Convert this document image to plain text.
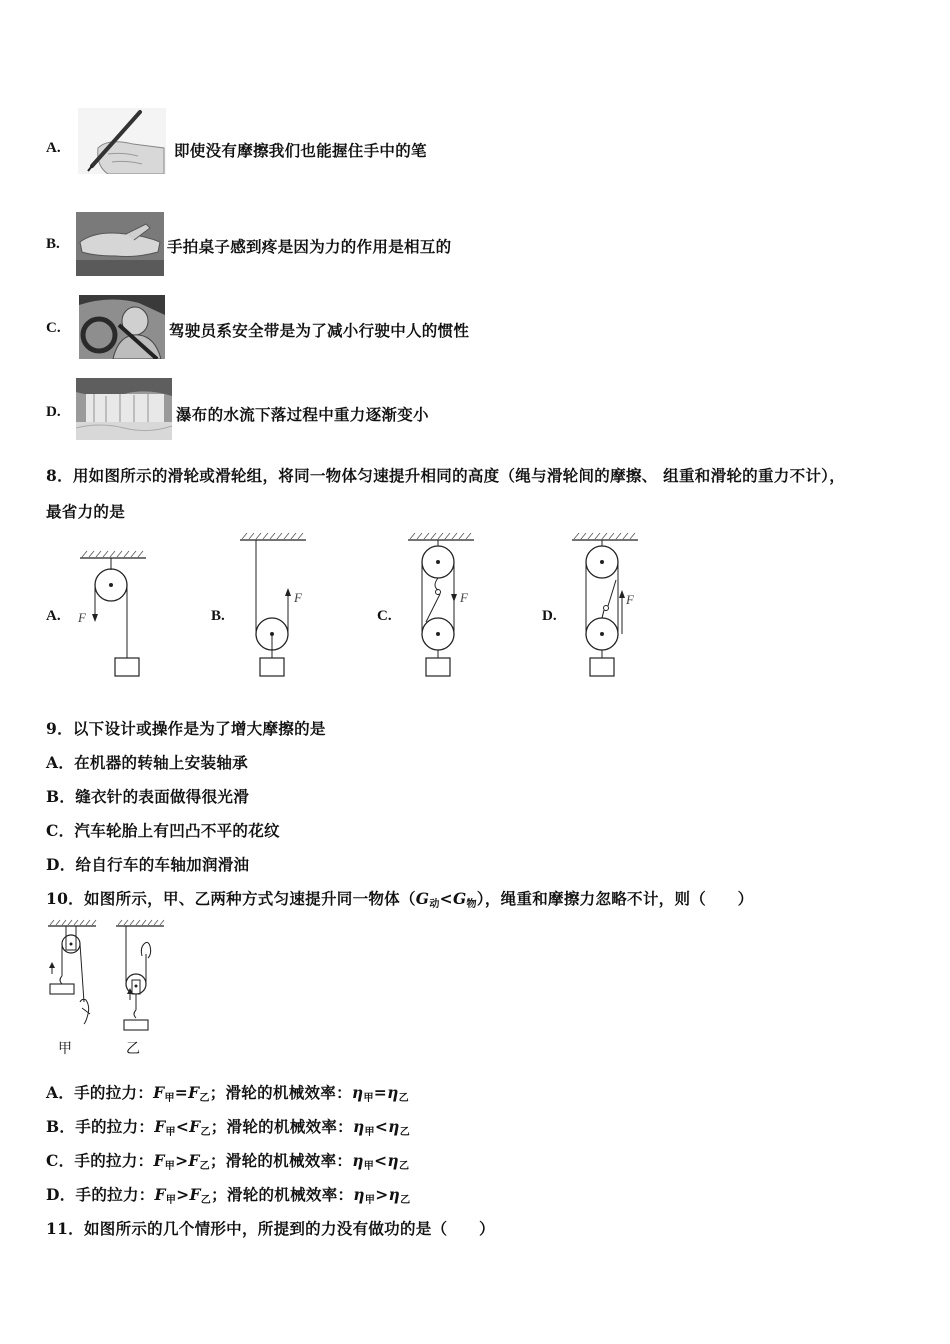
A.	即使没有摩擦我们也能握住手中的笔
B.	手拍桌子感到疼是因为力的作用是相互的
C.	驾驶员系安全带是为了减小行驶中人的惯性
D.	瀑布的水流下落过程中重力逐渐变小
8．用如图所示的滑轮或滑轮组，将同一物体匀速提升相同的高度（绳与滑轮间的摩擦、 组重和滑轮的重力不计），
最省力的是
A. F	B.
F
C.
F
D.
F
9．以下设计或操作是为了增大摩擦的是
A．在机器的转轴上安装轴承
B．缝衣针的表面做得很光滑
C．汽车轮胎上有凹凸不平的花纹
D．给自行车的车轴加润滑油
10．如图所示，甲、乙两种方式匀速提升同一物体$(G_动<G_物)$，绳重和摩擦力忽略不计，则（　　）
甲	乙
A．手的拉力：$F_甲=F_乙$；滑轮的机械效率：$\eta_甲=\eta_乙$
B．手的拉力：$F_甲<F_乙$；滑轮的机械效率：$\eta_甲<\eta_乙$
C．手的拉力：$F_甲>F_乙$；滑轮的机械效率：$\eta_甲<\eta_乙$
D．手的拉力：$F_甲>F_乙$；滑轮的机械效率：$\eta_甲>\eta_乙$
11．如图所示的几个情形中，所提到的力没有做功的是（　　）
